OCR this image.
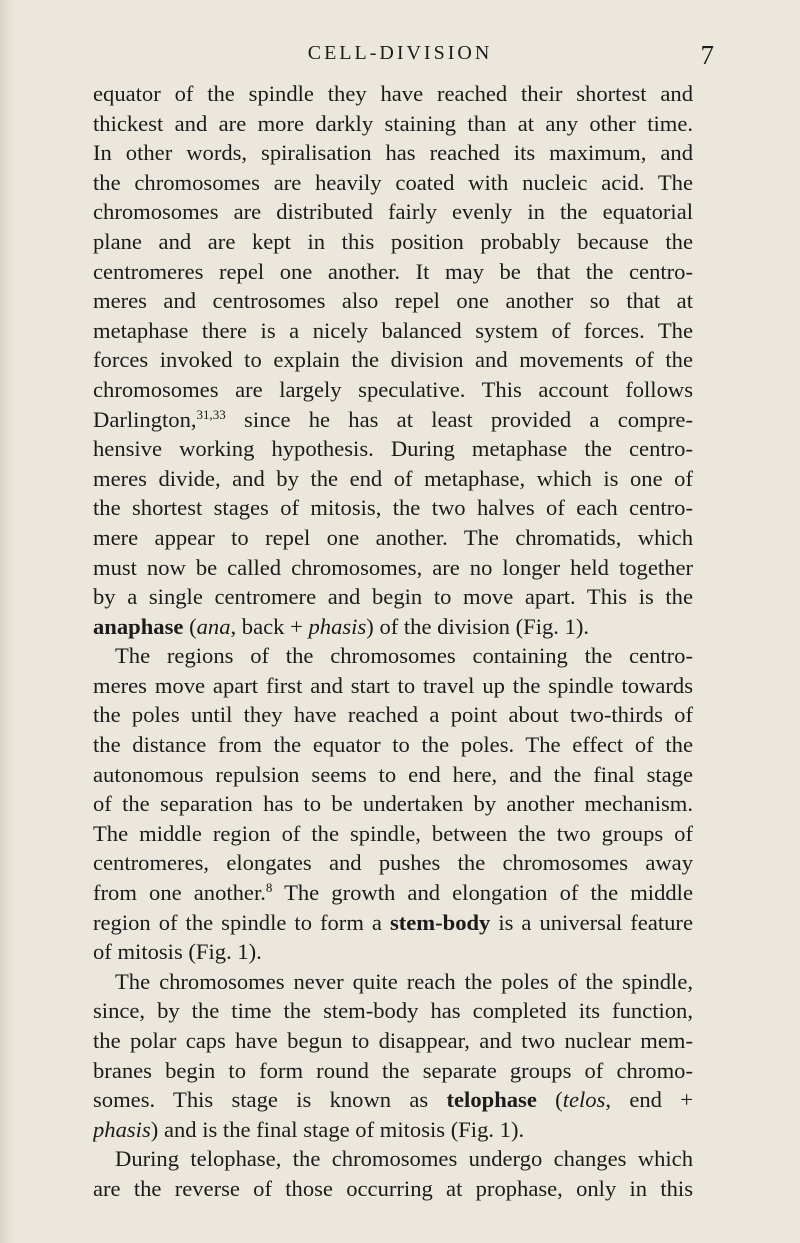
CELL-DIVISION	7
equator of the spindle they have reached their shortest and
thickest and are more darkly staining than at any other time.
In other words, spiralisation has reached its maximum, and
the chromosomes are heavily coated with nucleic acid. The
chromosomes are distributed fairly evenly in the equatorial
plane and are kept in this position probably because the
centromeres repel one another. It may be that the centro-
meres and centrosomes also repel one another so that at
metaphase there is a nicely balanced system of forces. The
forces invoked to explain the division and movements of the
chromosomes are largely speculative. This account follows
Darlington,$^{31,33}$ since he has at least provided a compre-
hensive working hypothesis. During metaphase the centro-
meres divide, and by the end of metaphase, which is one of
the shortest stages of mitosis, the two halves of each centro-
mere appear to repel one another. The chromatids, which
must now be called chromosomes, are no longer held together
by a single centromere and begin to move apart. This is the
anaphase (ana, back + phasis) of the division (Fig. 1).
The regions of the chromosomes containing the centro-
meres move apart first and start to travel up the spindle towards
the poles until they have reached a point about two-thirds of
the distance from the equator to the poles. The effect of the
autonomous repulsion seems to end here, and the final stage
of the separation has to be undertaken by another mechanism.
The middle region of the spindle, between the two groups of
centromeres, elongates and pushes the chromosomes away
from one another.$^8$ The growth and elongation of the middle
region of the spindle to form a stem-body is a universal feature
of mitosis (Fig. 1).
The chromosomes never quite reach the poles of the spindle,
since, by the time the stem-body has completed its function,
the polar caps have begun to disappear, and two nuclear mem-
branes begin to form round the separate groups of chromo-
somes. This stage is known as telophase (telos, end +
phasis) and is the final stage of mitosis (Fig. 1).
During telophase, the chromosomes undergo changes which
are the reverse of those occurring at prophase, only in this
